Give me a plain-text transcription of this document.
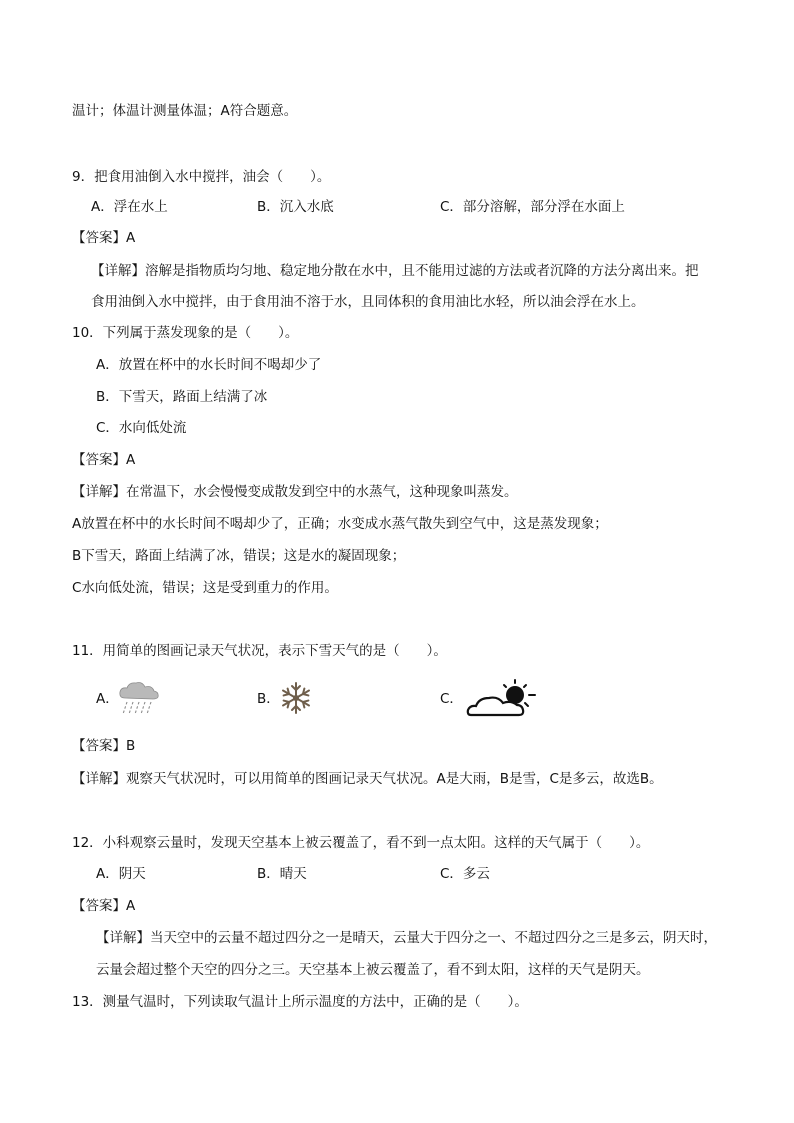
温计；体温计测量体温；A符合题意。
9．把食用油倒入水中搅拌，油会（　　）。
A．浮在水上	B．沉入水底	C．部分溶解，部分浮在水面上
【答案】A
【详解】溶解是指物质均匀地、稳定地分散在水中，且不能用过滤的方法或者沉降的方法分离出来。把
食用油倒入水中搅拌，由于食用油不溶于水，且同体积的食用油比水轻，所以油会浮在水上。
10．下列属于蒸发现象的是（　　）。
A．放置在杯中的水长时间不喝却少了
B．下雪天，路面上结满了冰
C．水向低处流
【答案】A
【详解】在常温下，水会慢慢变成散发到空中的水蒸气，这种现象叫蒸发。
A放置在杯中的水长时间不喝却少了，正确；水变成水蒸气散失到空气中，这是蒸发现象；
B下雪天，路面上结满了冰，错误；这是水的凝固现象；
C水向低处流，错误；这是受到重力的作用。
11．用简单的图画记录天气状况，表示下雪天气的是（　　）。
A．	B．	C．
【答案】B
【详解】观察天气状况时，可以用简单的图画记录天气状况。A是大雨，B是雪，C是多云，故选B。
12．小科观察云量时，发现天空基本上被云覆盖了，看不到一点太阳。这样的天气属于（　　）。
A．阴天	B．晴天	C．多云
【答案】A
【详解】当天空中的云量不超过四分之一是晴天，云量大于四分之一、不超过四分之三是多云，阴天时，
云量会超过整个天空的四分之三。天空基本上被云覆盖了，看不到太阳，这样的天气是阴天。
13．测量气温时，下列读取气温计上所示温度的方法中，正确的是（　　）。
